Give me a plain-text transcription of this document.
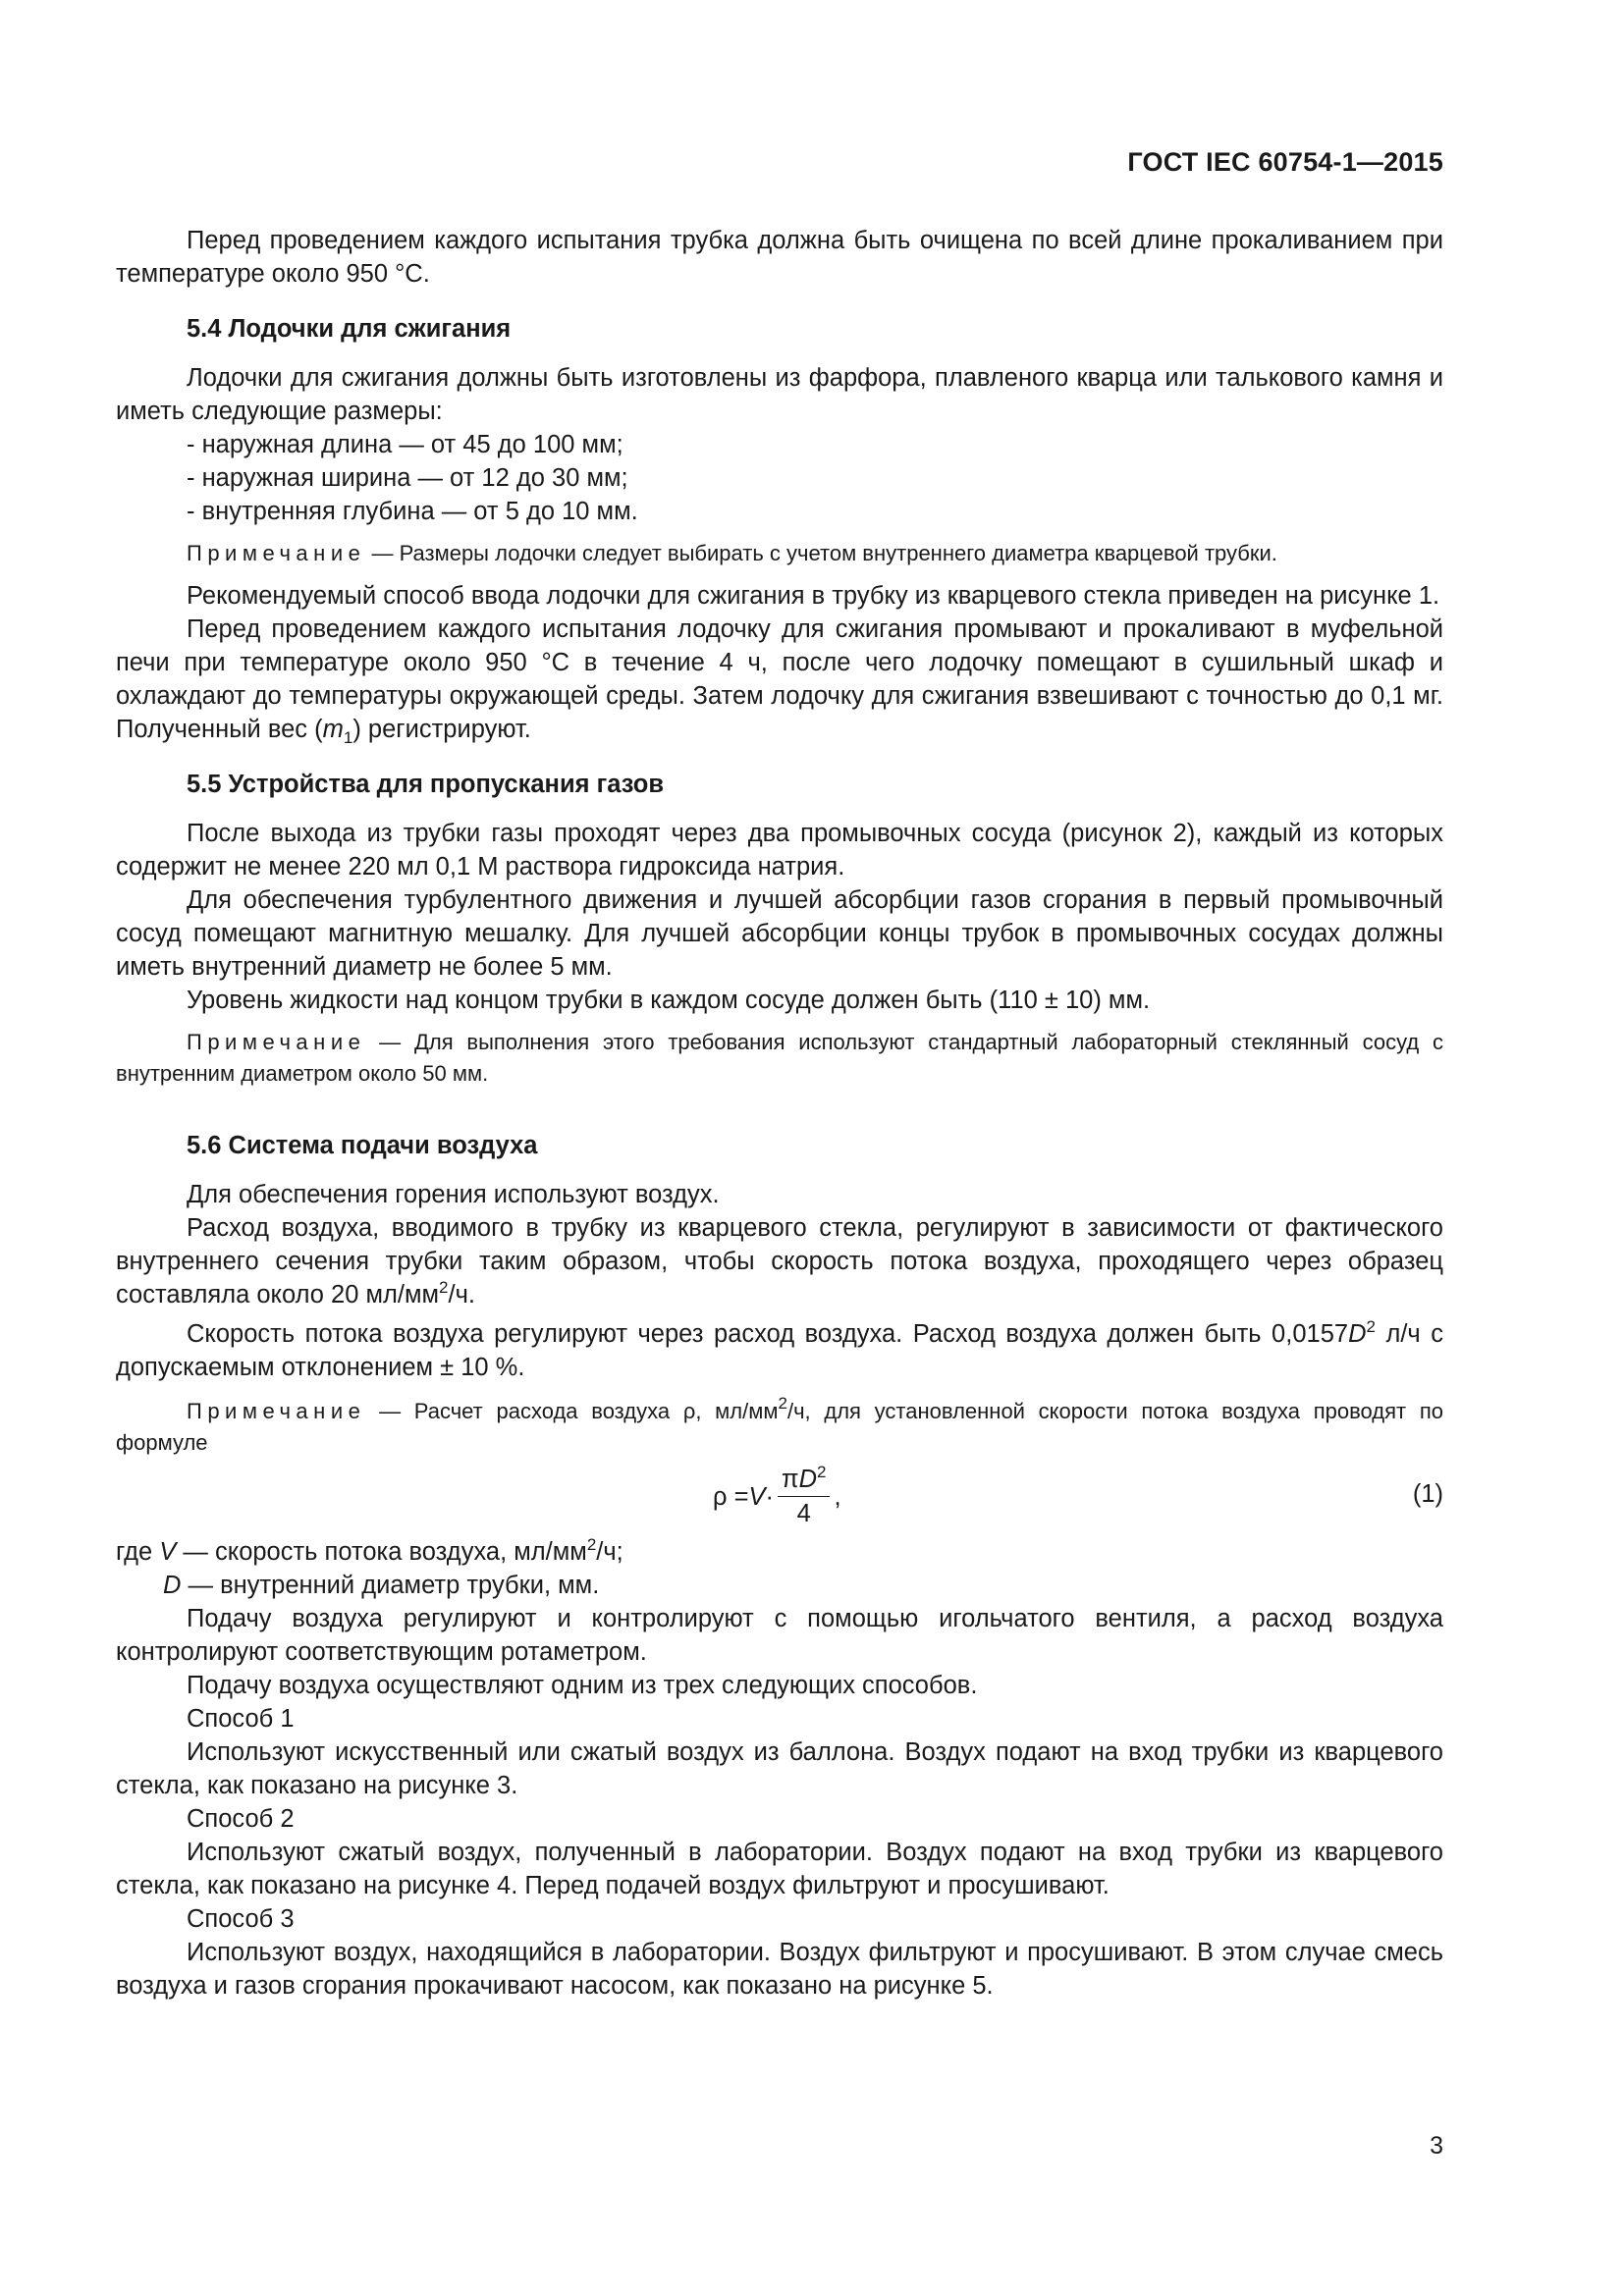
ГОСТ IEC 60754-1—2015

Перед проведением каждого испытания трубка должна быть очищена по всей длине прокаливанием при температуре около 950 °С.

5.4 Лодочки для сжигания

Лодочки для сжигания должны быть изготовлены из фарфора, плавленого кварца или талькового камня и иметь следующие размеры:

- наружная длина — от 45 до 100 мм;

- наружная ширина — от 12 до 30 мм;

- внутренняя глубина — от 5 до 10 мм.

Примечание — Размеры лодочки следует выбирать с учетом внутреннего диаметра кварцевой трубки.

Рекомендуемый способ ввода лодочки для сжигания в трубку из кварцевого стекла приведен на рисунке 1.

Перед проведением каждого испытания лодочку для сжигания промывают и прокаливают в муфельной печи при температуре около 950 °С в течение 4 ч, после чего лодочку помещают в сушильный шкаф и охлаждают до температуры окружающей среды. Затем лодочку для сжигания взвешивают с точностью до 0,1 мг. Полученный вес $(m_1)$ регистрируют.

5.5 Устройства для пропускания газов

После выхода из трубки газы проходят через два промывочных сосуда (рисунок 2), каждый из которых содержит не менее 220 мл 0,1 М раствора гидроксида натрия.

Для обеспечения турбулентного движения и лучшей абсорбции газов сгорания в первый промывочный сосуд помещают магнитную мешалку. Для лучшей абсорбции концы трубок в промывочных сосудах должны иметь внутренний диаметр не более 5 мм.

Уровень жидкости над концом трубки в каждом сосуде должен быть (110 ± 10) мм.

Примечание — Для выполнения этого требования используют стандартный лабораторный стеклянный сосуд с внутренним диаметром около 50 мм.
5.6 Система подачи воздуха

Для обеспечения горения используют воздух.

Расход воздуха, вводимого в трубку из кварцевого стекла, регулируют в зависимости от фактического внутреннего сечения трубки таким образом, чтобы скорость потока воздуха, проходящего через образец составляла около 20 $мл/мм^2/ч$.

Скорость потока воздуха регулируют через расход воздуха. Расход воздуха должен быть $0,0157D^2$ л/ч с допускаемым отклонением ± 10 %.

Примечание — Расчет расхода воздуха ρ, $мл/мм^2/ч$, для установленной скорости потока воздуха проводят по формуле
$\rho = V \cdot \frac{\pi D^2}{4}$ ,	(1)

где V — скорость потока воздуха, $мл/мм^2/ч$;

D — внутренний диаметр трубки, мм.

Подачу воздуха регулируют и контролируют с помощью игольчатого вентиля, а расход воздуха контролируют соответствующим ротаметром.

Подачу воздуха осуществляют одним из трех следующих способов.

Способ 1

Используют искусственный или сжатый воздух из баллона. Воздух подают на вход трубки из кварцевого стекла, как показано на рисунке 3.

Способ 2

Используют сжатый воздух, полученный в лаборатории. Воздух подают на вход трубки из кварцевого стекла, как показано на рисунке 4. Перед подачей воздух фильтруют и просушивают.

Способ 3

Используют воздух, находящийся в лаборатории. Воздух фильтруют и просушивают. В этом случае смесь воздуха и газов сгорания прокачивают насосом, как показано на рисунке 5.

3
